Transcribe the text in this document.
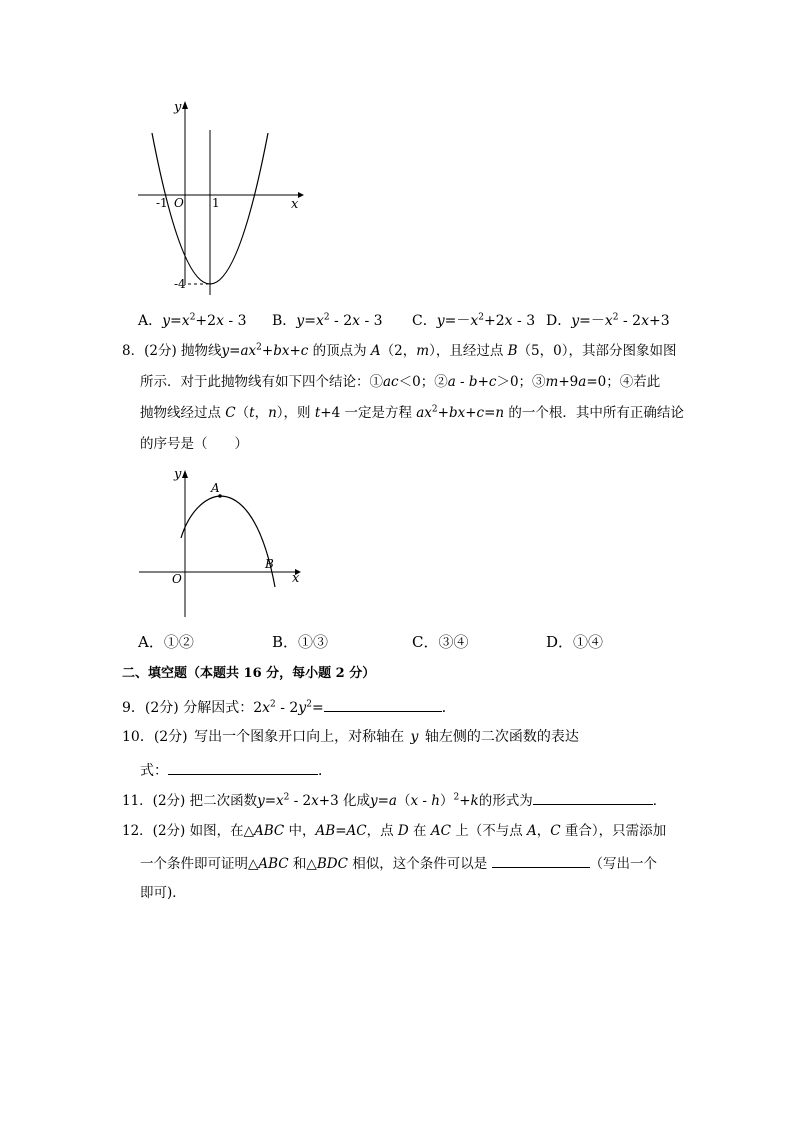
y
x
O
-1	1
-4
A．$y=x^2+2x - 3$ B．$y=x^2 - 2x - 3$ C．$y=-x^2+2x - 3$ D．$y=-x^2 - 2x+3$
8．(2分) 抛物线$y=ax^2+bx+c$ 的顶点为 A（2，m），且经过点 B（5，0），其部分图象如图
所示．对于此抛物线有如下四个结论：①ac＜0；②a - b+c＞0；③m+9a=0；④若此
抛物线经过点 C（t，n），则 t+4 一定是方程 $ax^2+bx+c=n$ 的一个根．其中所有正确结论
的序号是（　　）
y
x
O
A
B
A．①②	B．①③	C．③④	D．①④
二、填空题（本题共 16 分，每小题 2 分）
9．(2分) 分解因式：$2x^2 - 2y^2=$	．
10．(2分) 写出一个图象开口向上，对称轴在 y 轴左侧的二次函数的表达
式：	．
11．(2分) 把二次函数$y=x^2 - 2x+3$ 化成y=a（x - h）$^2$+k的形式为	．
12．(2分) 如图，在△ABC 中，AB=AC，点 D 在 AC 上（不与点 A，C 重合），只需添加
一个条件即可证明△ABC 和△BDC 相似，这个条件可以是	（写出一个
即可)．
